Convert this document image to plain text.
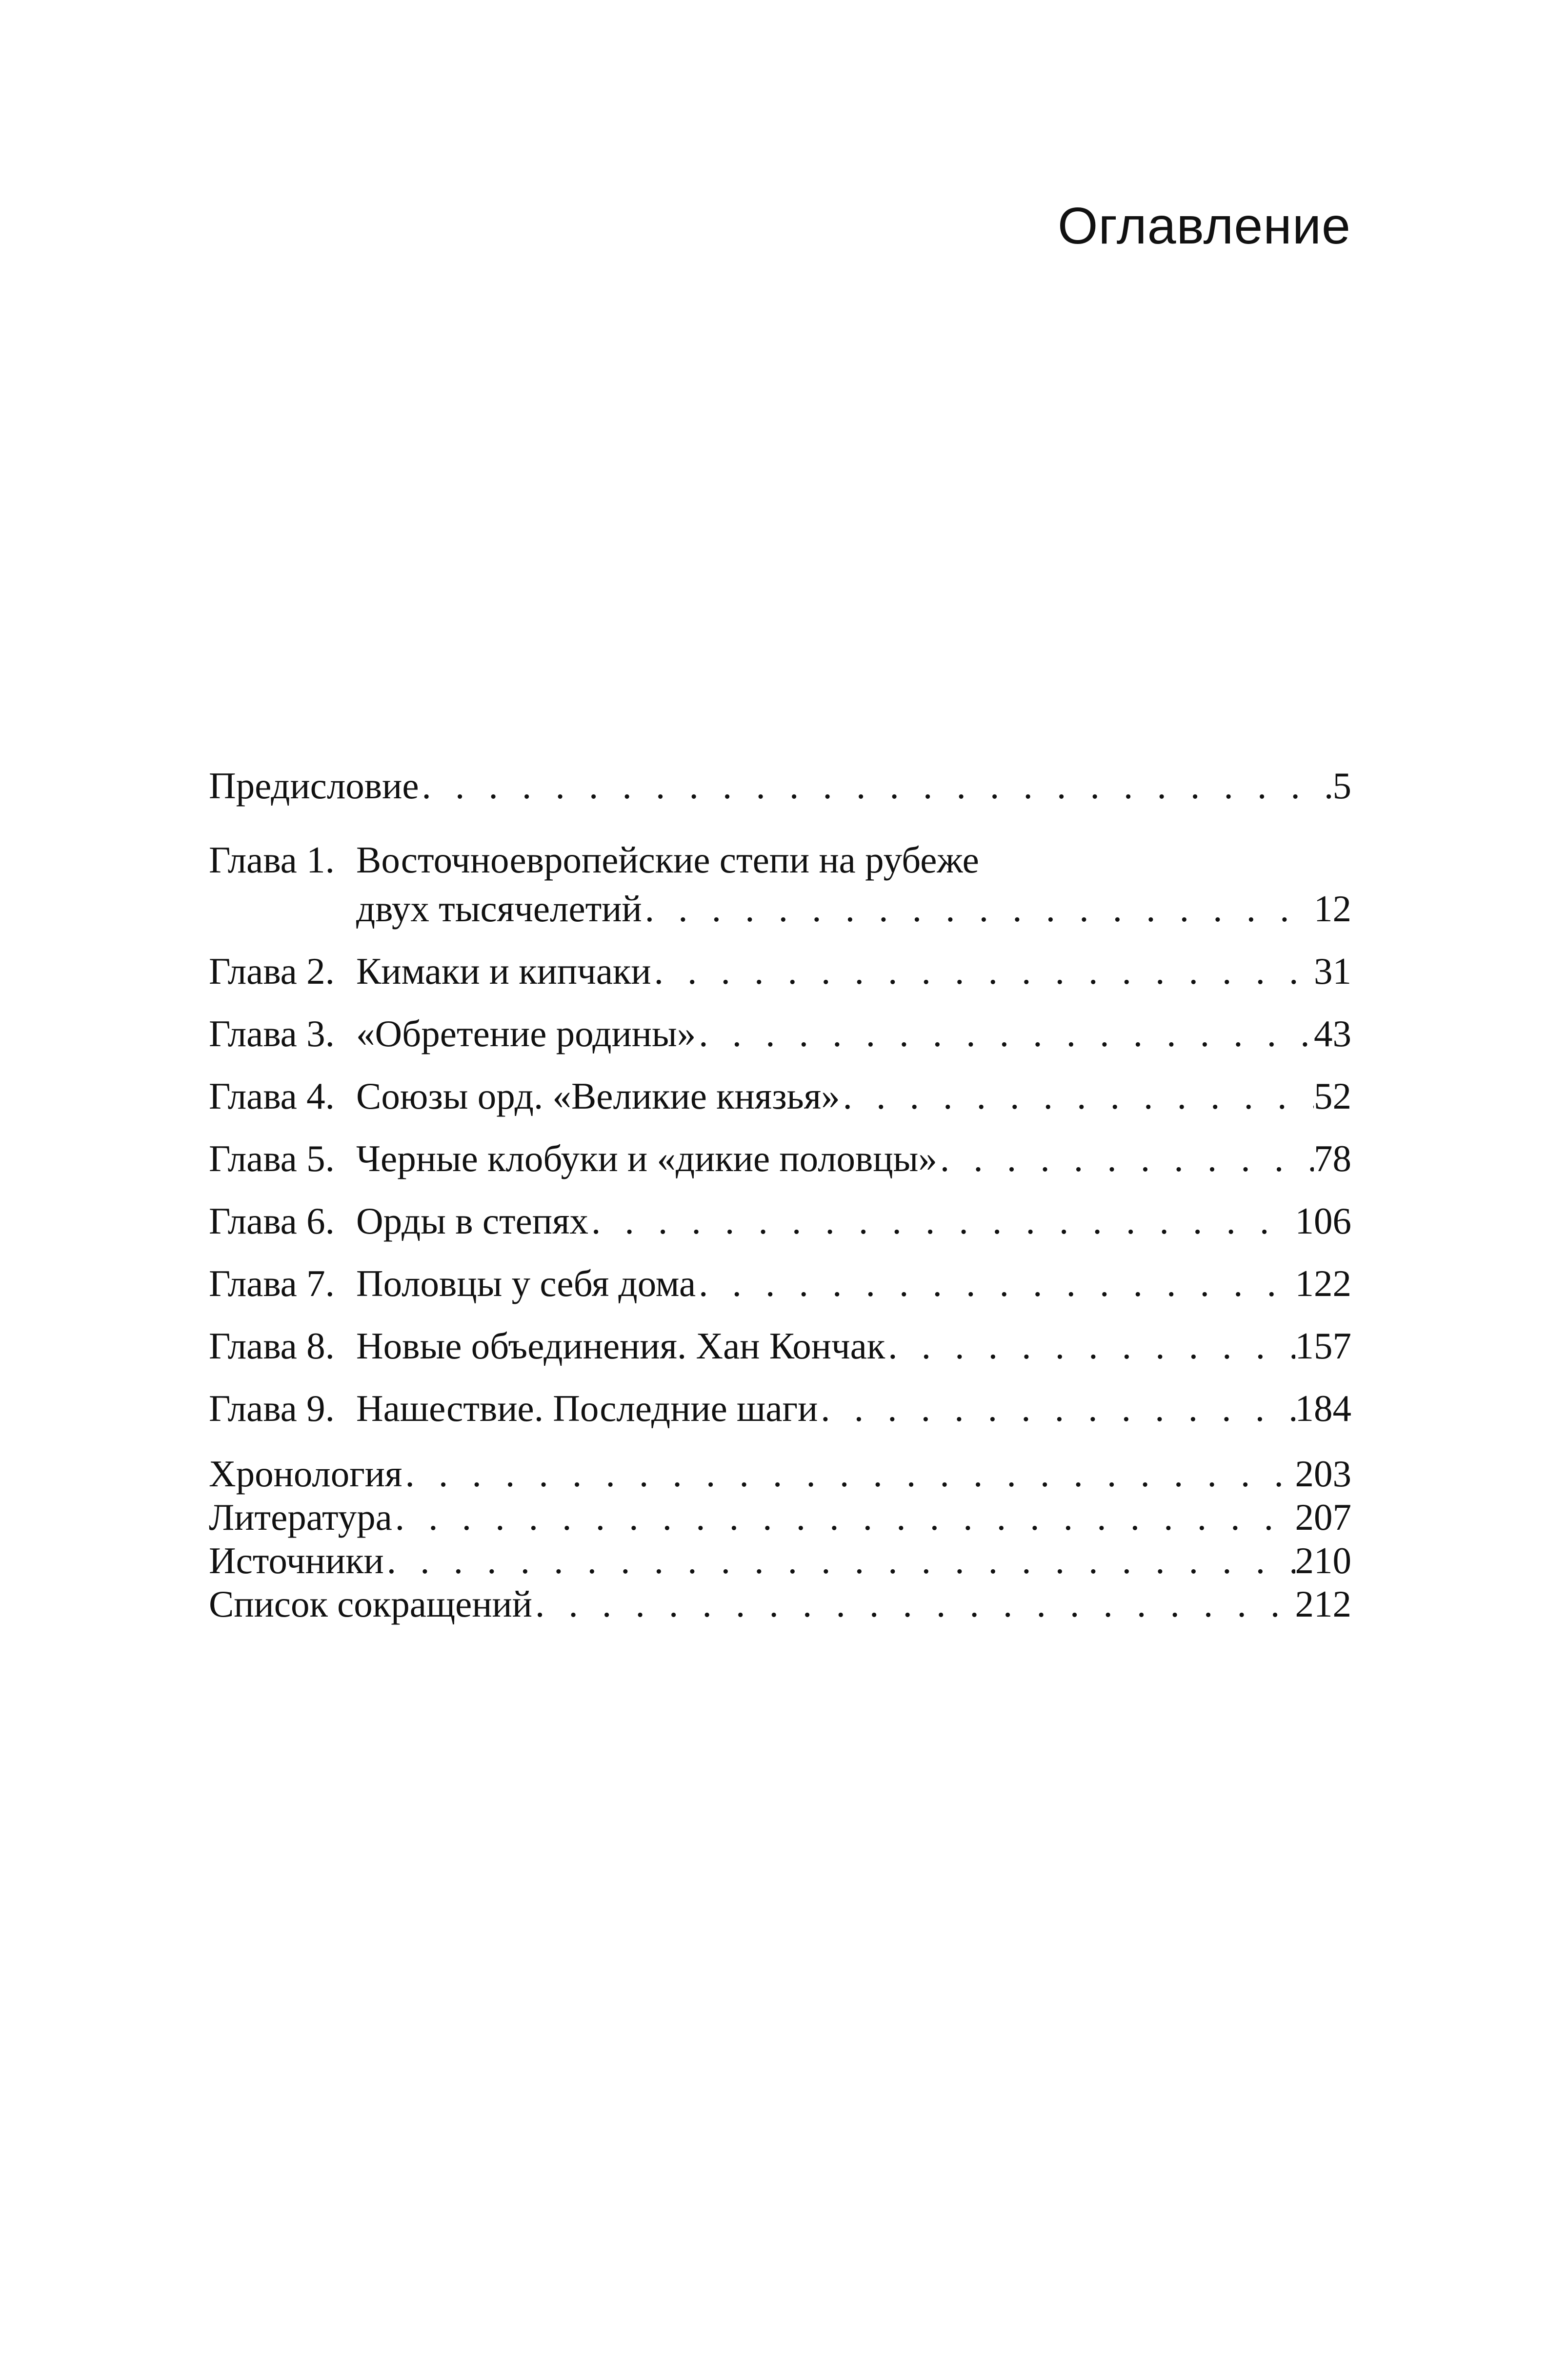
Оглавление
Предисловие . . .	5
Глава 1. Восточноевропейские степи на рубеже
двух тысячелетий . . .	12
Глава 2. Кимаки и кипчаки . . .	31
Глава 3. «Обретение родины» . . .	43
Глава 4. Союзы орд. «Великие князья» . . .	52
Глава 5. Черные клобуки и «дикие половцы» . . .	78
Глава 6. Орды в степях . . .	106
Глава 7. Половцы у себя дома . . .	122
Глава 8. Новые объединения. Хан Кончак . . .	157
Глава 9. Нашествие. Последние шаги . . .	184
Хронология . . .	203
Литература . . .	207
Источники . . .	210
Список сокращений . . .	212
